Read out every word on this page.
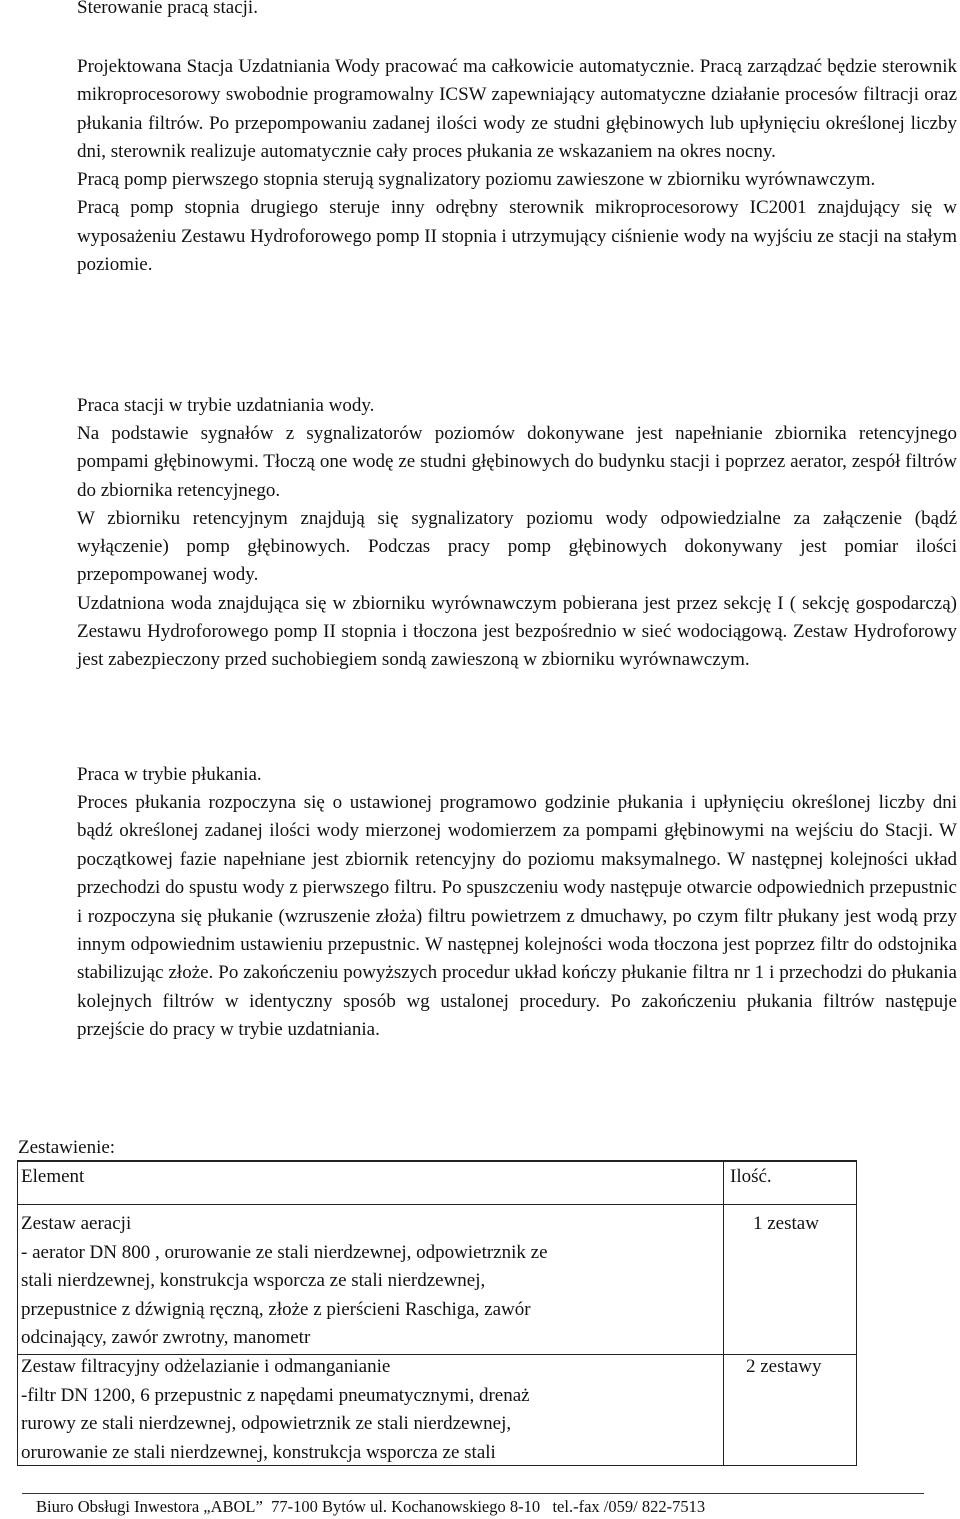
Sterowanie pracą stacji.

Projektowana Stacja Uzdatniania Wody pracować ma całkowicie automatycznie. Pracą zarządzać będzie sterownik mikroprocesorowy swobodnie programowalny ICSW zapewniający automatyczne działanie procesów filtracji oraz płukania filtrów. Po przepompowaniu zadanej ilości wody ze studni głębinowych lub upłynięciu określonej liczby dni, sterownik realizuje automatycznie cały proces płukania ze wskazaniem na okres nocny.

Pracą pomp pierwszego stopnia sterują sygnalizatory poziomu zawieszone w zbiorniku wyrównawczym.

Pracą pomp stopnia drugiego steruje inny odrębny sterownik mikroprocesorowy IC2001 znajdujący się w wyposażeniu Zestawu Hydroforowego pomp II stopnia i utrzymujący ciśnienie wody na wyjściu ze stacji na stałym poziomie.

Praca stacji w trybie uzdatniania wody.

Na podstawie sygnałów z sygnalizatorów poziomów dokonywane jest napełnianie zbiornika retencyjnego pompami głębinowymi. Tłoczą one wodę ze studni głębinowych do budynku stacji i poprzez aerator, zespół filtrów do zbiornika retencyjnego.

W zbiorniku retencyjnym znajdują się sygnalizatory poziomu wody odpowiedzialne za załączenie (bądź wyłączenie) pomp głębinowych. Podczas pracy pomp głębinowych dokonywany jest pomiar ilości przepompowanej wody.

Uzdatniona woda znajdująca się w zbiorniku wyrównawczym pobierana jest przez sekcję I ( sekcję gospodarczą) Zestawu Hydroforowego pomp II stopnia i tłoczona jest bezpośrednio w sieć wodociągową. Zestaw Hydroforowy jest zabezpieczony przed suchobiegiem sondą zawieszoną w zbiorniku wyrównawczym.

Praca w trybie płukania.

Proces płukania rozpoczyna się o ustawionej programowo godzinie płukania i upłynięciu określonej liczby dni bądź określonej zadanej ilości wody mierzonej wodomierzem za pompami głębinowymi na wejściu do Stacji. W początkowej fazie napełniane jest zbiornik retencyjny do poziomu maksymalnego. W następnej kolejności układ przechodzi do spustu wody z pierwszego filtru. Po spuszczeniu wody następuje otwarcie odpowiednich przepustnic i rozpoczyna się płukanie (wzruszenie złoża) filtru powietrzem z dmuchawy, po czym filtr płukany jest wodą przy innym odpowiednim ustawieniu przepustnic. W następnej kolejności woda tłoczona jest poprzez filtr do odstojnika stabilizując złoże. Po zakończeniu powyższych procedur układ kończy płukanie filtra nr 1 i przechodzi do płukania kolejnych filtrów w identyczny sposób wg ustalonej procedury. Po zakończeniu płukania filtrów następuje przejście do pracy w trybie uzdatniania.

Zestawienie:

Element	Ilość.

Zestaw aeracji
- aerator DN 800 , orurowanie ze stali nierdzewnej, odpowietrznik ze
stali nierdzewnej, konstrukcja wsporcza ze stali nierdzewnej,
przepustnice z dźwignią ręczną, złoże z pierścieni Raschiga, zawór
odcinający, zawór zwrotny, manometr

1 zestaw

Zestaw filtracyjny odżelazianie i odmanganianie
-filtr DN 1200, 6 przepustnic z napędami pneumatycznymi, drenaż
rurowy ze stali nierdzewnej, odpowietrznik ze stali nierdzewnej,
orurowanie ze stali nierdzewnej, konstrukcja wsporcza ze stali

2 zestawy

Biuro Obsługi Inwestora „ABOL”  77-100 Bytów ul. Kochanowskiego 8-10   tel.-fax /059/ 822-7513
